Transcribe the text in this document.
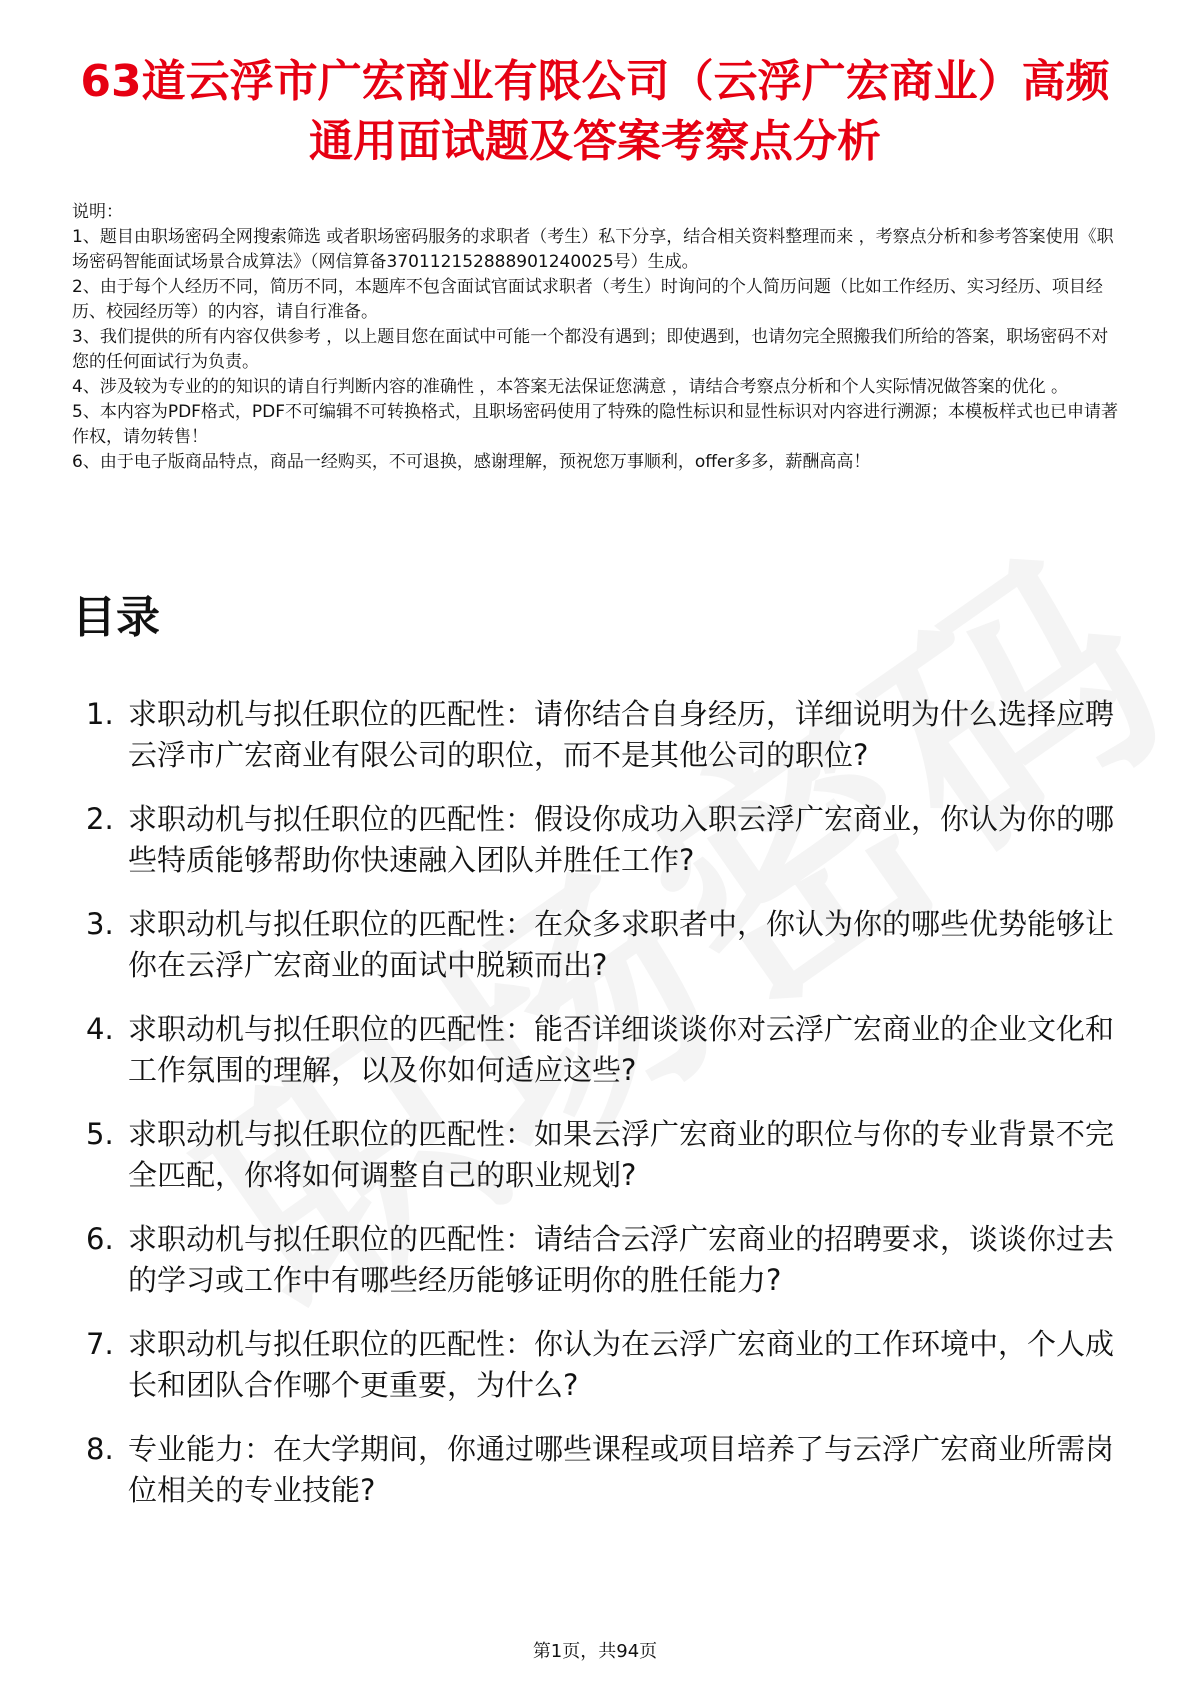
63道云浮市广宏商业有限公司（云浮广宏商业）高频通用面试题及答案考察点分析

说明：

1、题目由职场密码全网搜索筛选 或者职场密码服务的求职者（考生）私下分享，结合相关资料整理而来 ，考察点分析和参考答案使用《职场密码智能面试场景合成算法》（网信算备370112152888901240025号）生成。

2、由于每个人经历不同，简历不同，本题库不包含面试官面试求职者（考生）时询问的个人简历问题（比如工作经历、实习经历、项目经历、校园经历等）的内容，请自行准备。

3、我们提供的所有内容仅供参考 ，以上题目您在面试中可能一个都没有遇到；即使遇到，也请勿完全照搬我们所给的答案，职场密码不对您的任何面试行为负责。

4、涉及较为专业的的知识的请自行判断内容的准确性 ，本答案无法保证您满意 ，请结合考察点分析和个人实际情况做答案的优化 。

5、本内容为PDF格式，PDF不可编辑不可转换格式，且职场密码使用了特殊的隐性标识和显性标识对内容进行溯源；本模板样式也已申请著作权，请勿转售！

6、由于电子版商品特点，商品一经购买，不可退换，感谢理解，预祝您万事顺利，offer多多，薪酬高高！

目录
1. 求职动机与拟任职位的匹配性：请你结合自身经历，详细说明为什么选择应聘云浮市广宏商业有限公司的职位，而不是其他公司的职位?
2. 求职动机与拟任职位的匹配性：假设你成功入职云浮广宏商业，你认为你的哪些特质能够帮助你快速融入团队并胜任工作?
3. 求职动机与拟任职位的匹配性：在众多求职者中，你认为你的哪些优势能够让你在云浮广宏商业的面试中脱颖而出?
4. 求职动机与拟任职位的匹配性：能否详细谈谈你对云浮广宏商业的企业文化和工作氛围的理解，以及你如何适应这些?
5. 求职动机与拟任职位的匹配性：如果云浮广宏商业的职位与你的专业背景不完全匹配，你将如何调整自己的职业规划?
6. 求职动机与拟任职位的匹配性：请结合云浮广宏商业的招聘要求，谈谈你过去的学习或工作中有哪些经历能够证明你的胜任能力?
7. 求职动机与拟任职位的匹配性：你认为在云浮广宏商业的工作环境中，个人成长和团队合作哪个更重要，为什么?
8. 专业能力：在大学期间，你通过哪些课程或项目培养了与云浮广宏商业所需岗位相关的专业技能?
第1页，共94页
